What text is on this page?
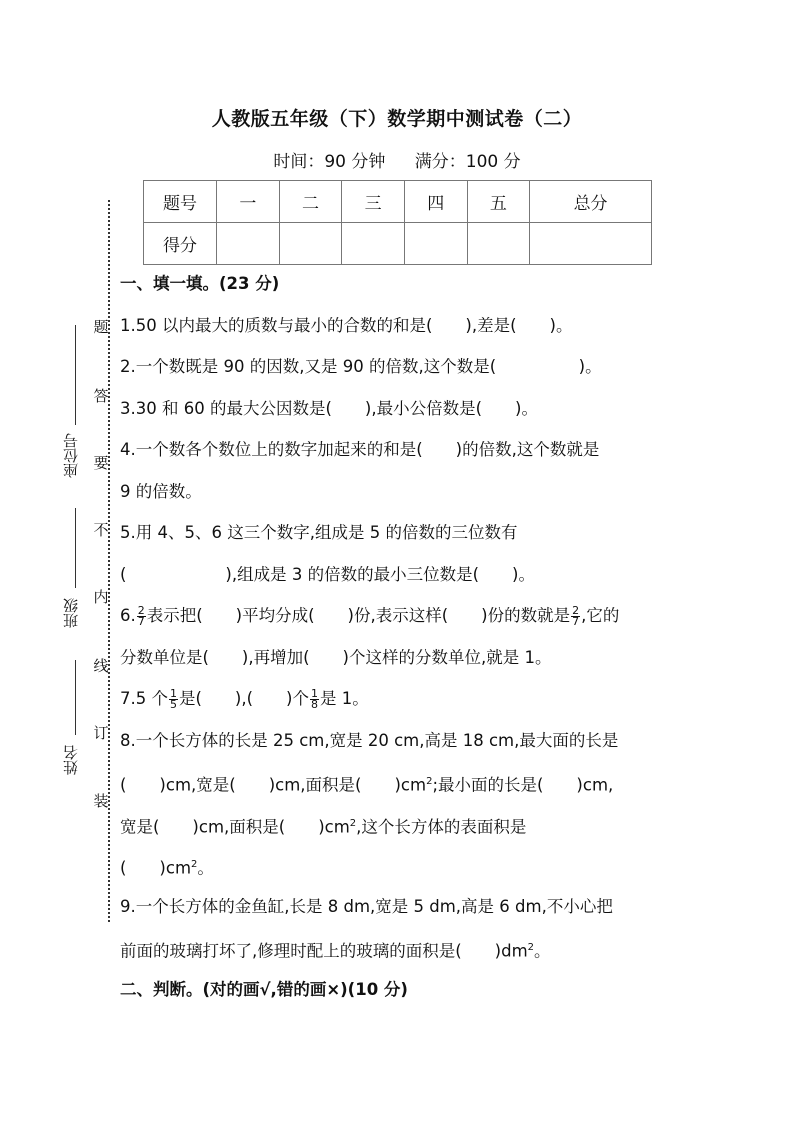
人教版五年级（下）数学期中测试卷（二）
时间：90 分钟 满分：100 分
题号	一	二	三	四	五	总分
得分						
题
答
要
不
内
线
订
装
座位号
班级
姓名
一、填一填。(23 分)
1.50 以内最大的质数与最小的合数的和是(　　),差是(　　)。
2.一个数既是 90 的因数,又是 90 的倍数,这个数是(　　　　　)。
3.30 和 60 的最大公因数是(　　),最小公倍数是(　　)。
4.一个数各个数位上的数字加起来的和是(　　)的倍数,这个数就是
9 的倍数。
5.用 4、5、6 这三个数字,组成是 5 的倍数的三位数有
(　　　　　　),组成是 3 的倍数的最小三位数是(　　)。
6. $\frac{2}{7}$ 表示把(　　)平均分成(　　)份,表示这样(　　)份的数就是 $\frac{2}{7}$ ,它的
分数单位是(　　),再增加(　　)个这样的分数单位,就是 1。
7.5 个 $\frac{1}{5}$ 是(　　),(　　)个 $\frac{1}{8}$ 是 1。
8.一个长方体的长是 25 cm,宽是 20 cm,高是 18 cm,最大面的长是
(　　)cm,宽是(　　)cm,面积是(　　)$cm^2$;最小面的长是(　　)cm,
宽是(　　)cm,面积是(　　)$cm^2$,这个长方体的表面积是
(　　)$cm^2$。
9.一个长方体的金鱼缸,长是 8 dm,宽是 5 dm,高是 6 dm,不小心把
前面的玻璃打坏了,修理时配上的玻璃的面积是(　　)$dm^2$。
二、判断。(对的画√,错的画×)(10 分)
